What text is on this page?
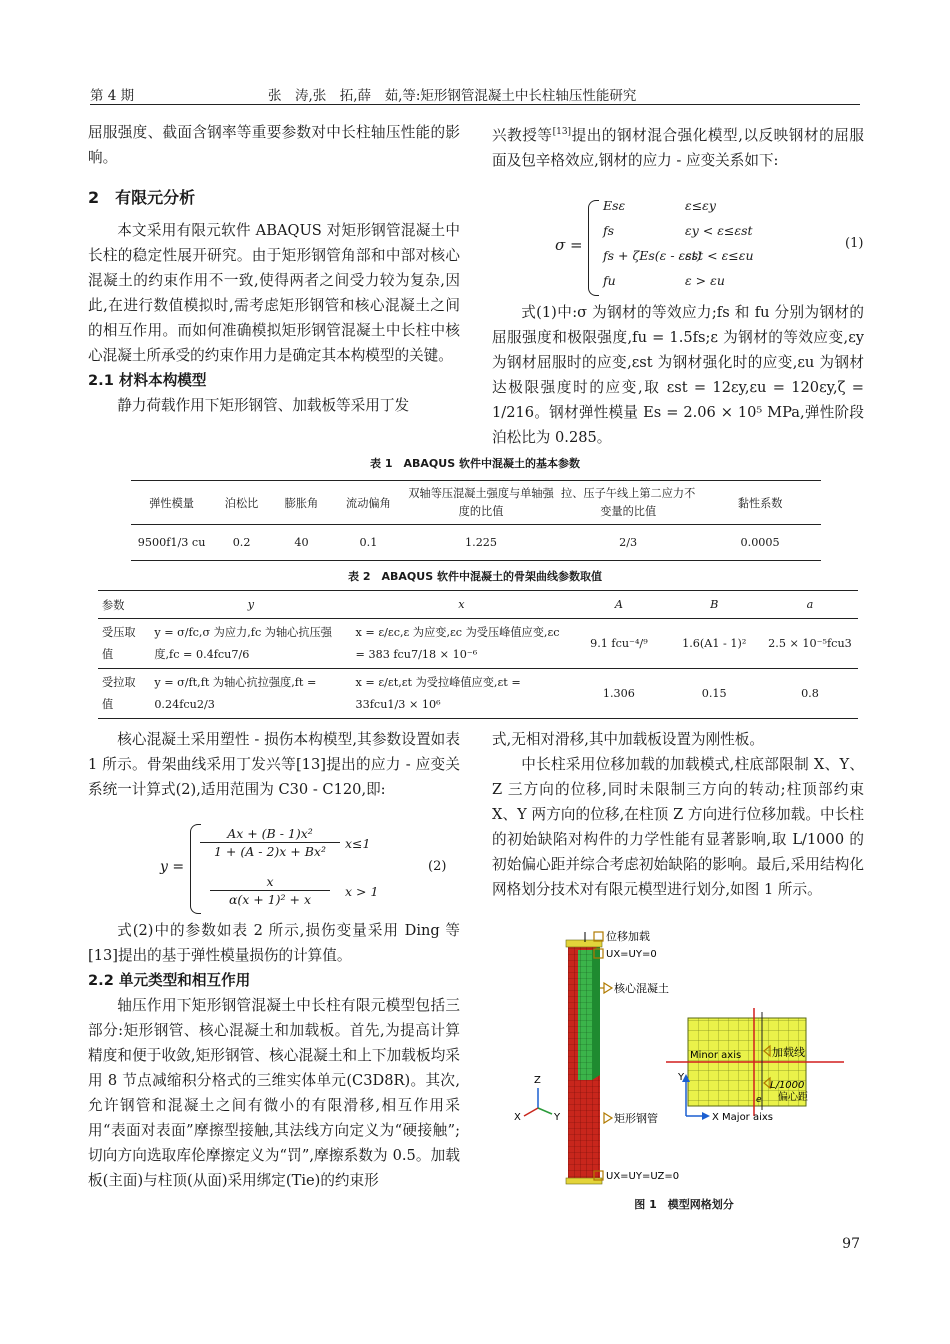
第 4 期	张　涛,张　拓,薛　茹,等:矩形钢管混凝土中长柱轴压性能研究

屈服强度、截面含钢率等重要参数对中长柱轴压性能的影响。

2　有限元分析

本文采用有限元软件 ABAQUS 对矩形钢管混凝土中长柱的稳定性展开研究。由于矩形钢管角部和中部对核心混凝土的约束作用不一致,使得两者之间受力较为复杂,因此,在进行数值模拟时,需考虑矩形钢管和核心混凝土之间的相互作用。而如何准确模拟矩形钢管混凝土中长柱中核心混凝土所承受的约束作用力是确定其本构模型的关键。

2.1 材料本构模型

静力荷载作用下矩形钢管、加载板等采用丁发

兴教授等[13]提出的钢材混合强化模型,以反映钢材的屈服面及包辛格效应,钢材的应力 - 应变关系如下:

σ =
Esε
fs
fs + ζEs(ε - εst)
fu
ε≤εy
εy < ε≤εst
εst < ε≤εu
ε > εu
(1)

式(1)中:σ 为钢材的等效应力;fs 和 fu 分别为钢材的屈服强度和极限强度,fu = 1.5fs;ε 为钢材的等效应变,εy 为钢材屈服时的应变,εst 为钢材强化时的应变,εu 为钢材达极限强度时的应变,取 εst = 12εy,εu = 120εy,ζ = 1/216。钢材弹性模量 Es = 2.06 × 10⁵ MPa,弹性阶段泊松比为 0.285。

表 1　ABAQUS 软件中混凝土的基本参数
弹性模量	泊松比	膨胀角	流动偏角	双轴等压混凝土强度与单轴强度的比值	拉、压子午线上第二应力不变量的比值	黏性系数
9500f1/3 cu	0.2	40	0.1	1.225	2/3	0.0005
表 2　ABAQUS 软件中混凝土的骨架曲线参数取值
参数	y	x	A	B	a
受压取值	y = σ/fc,σ 为应力,fc 为轴心抗压强度,fc = 0.4fcu7/6	x = ε/εc,ε 为应变,εc 为受压峰值应变,εc = 383 fcu7/18 × 10⁻⁶	9.1 fcu⁻⁴/⁹	1.6(A1 - 1)²	2.5 × 10⁻⁵fcu3
受拉取值	y = σ/ft,ft 为轴心抗拉强度,ft = 0.24fcu2/3	x = ε/εt,εt 为受拉峰值应变,εt = 33fcu1/3 × 10⁶	1.306	0.15	0.8

核心混凝土采用塑性 - 损伤本构模型,其参数设置如表 1 所示。骨架曲线采用丁发兴等[13]提出的应力 - 应变关系统一计算式(2),适用范围为 C30 - C120,即:

y =
$\frac{\text{Ax + (B - 1)x²}}{\text{1 + (A - 2)x + Bx²}} x\le 1$
$\frac{x}{\text{α(x + 1)² + x}}$ x > 1
(2)

式(2)中的参数如表 2 所示,损伤变量采用 Ding 等[13]提出的基于弹性模量损伤的计算值。

2.2 单元类型和相互作用

轴压作用下矩形钢管混凝土中长柱有限元模型包括三部分:矩形钢管、核心混凝土和加载板。首先,为提高计算精度和便于收敛,矩形钢管、核心混凝土和上下加载板均采用 8 节点减缩积分格式的三维实体单元(C3D8R)。其次,允许钢管和混凝土之间有微小的有限滑移,相互作用采用“表面对表面”摩擦型接触,其法线方向定义为“硬接触”;切向方向选取库伦摩擦定义为“罚”,摩擦系数为 0.5。加载板(主面)与柱顶(从面)采用绑定(Tie)的约束形

式,无相对滑移,其中加载板设置为刚性板。

中长柱采用位移加载的加载模式,柱底部限制 X、Y、Z 三方向的位移,同时未限制三方向的转动;柱顶部约束 X、Y 两方向的位移,在柱顶 Z 方向进行位移加载。中长柱的初始缺陷对构件的力学性能有显著影响,取 L/1000 的初始偏心距并综合考虑初始缺陷的影响。最后,采用结构化网格划分技术对有限元模型进行划分,如图 1 所示。

位移加载
UX=UY=0
核心混凝土
矩形钢管
UX=UY=UZ=0
Z
X	Y
Minor axis	加载线
L/1000
偏心距
e
Y
X Major aixs
图 1　模型网格划分
97
